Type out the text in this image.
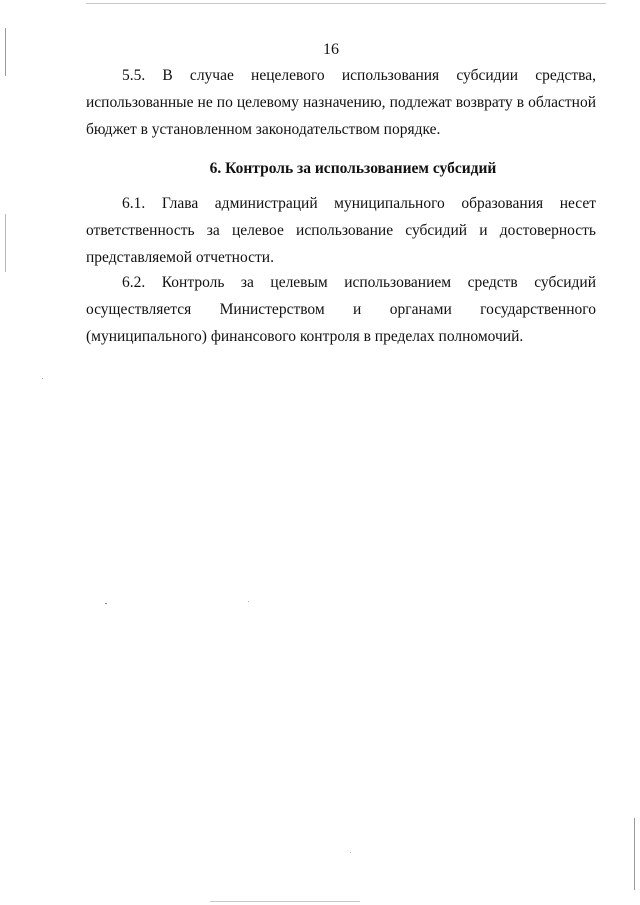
16
5.5. В случае нецелевого использования субсидии средства,
использованные не по целевому назначению, подлежат возврату в областной
бюджет в установленном законодательством порядке.
6. Контроль за использованием субсидий
6.1. Глава администраций муниципального образования несет
ответственность за целевое использование субсидий и достоверность
представляемой отчетности.
6.2. Контроль за целевым использованием средств субсидий
осуществляется Министерством и органами государственного
(муниципального) финансового контроля в пределах полномочий.
